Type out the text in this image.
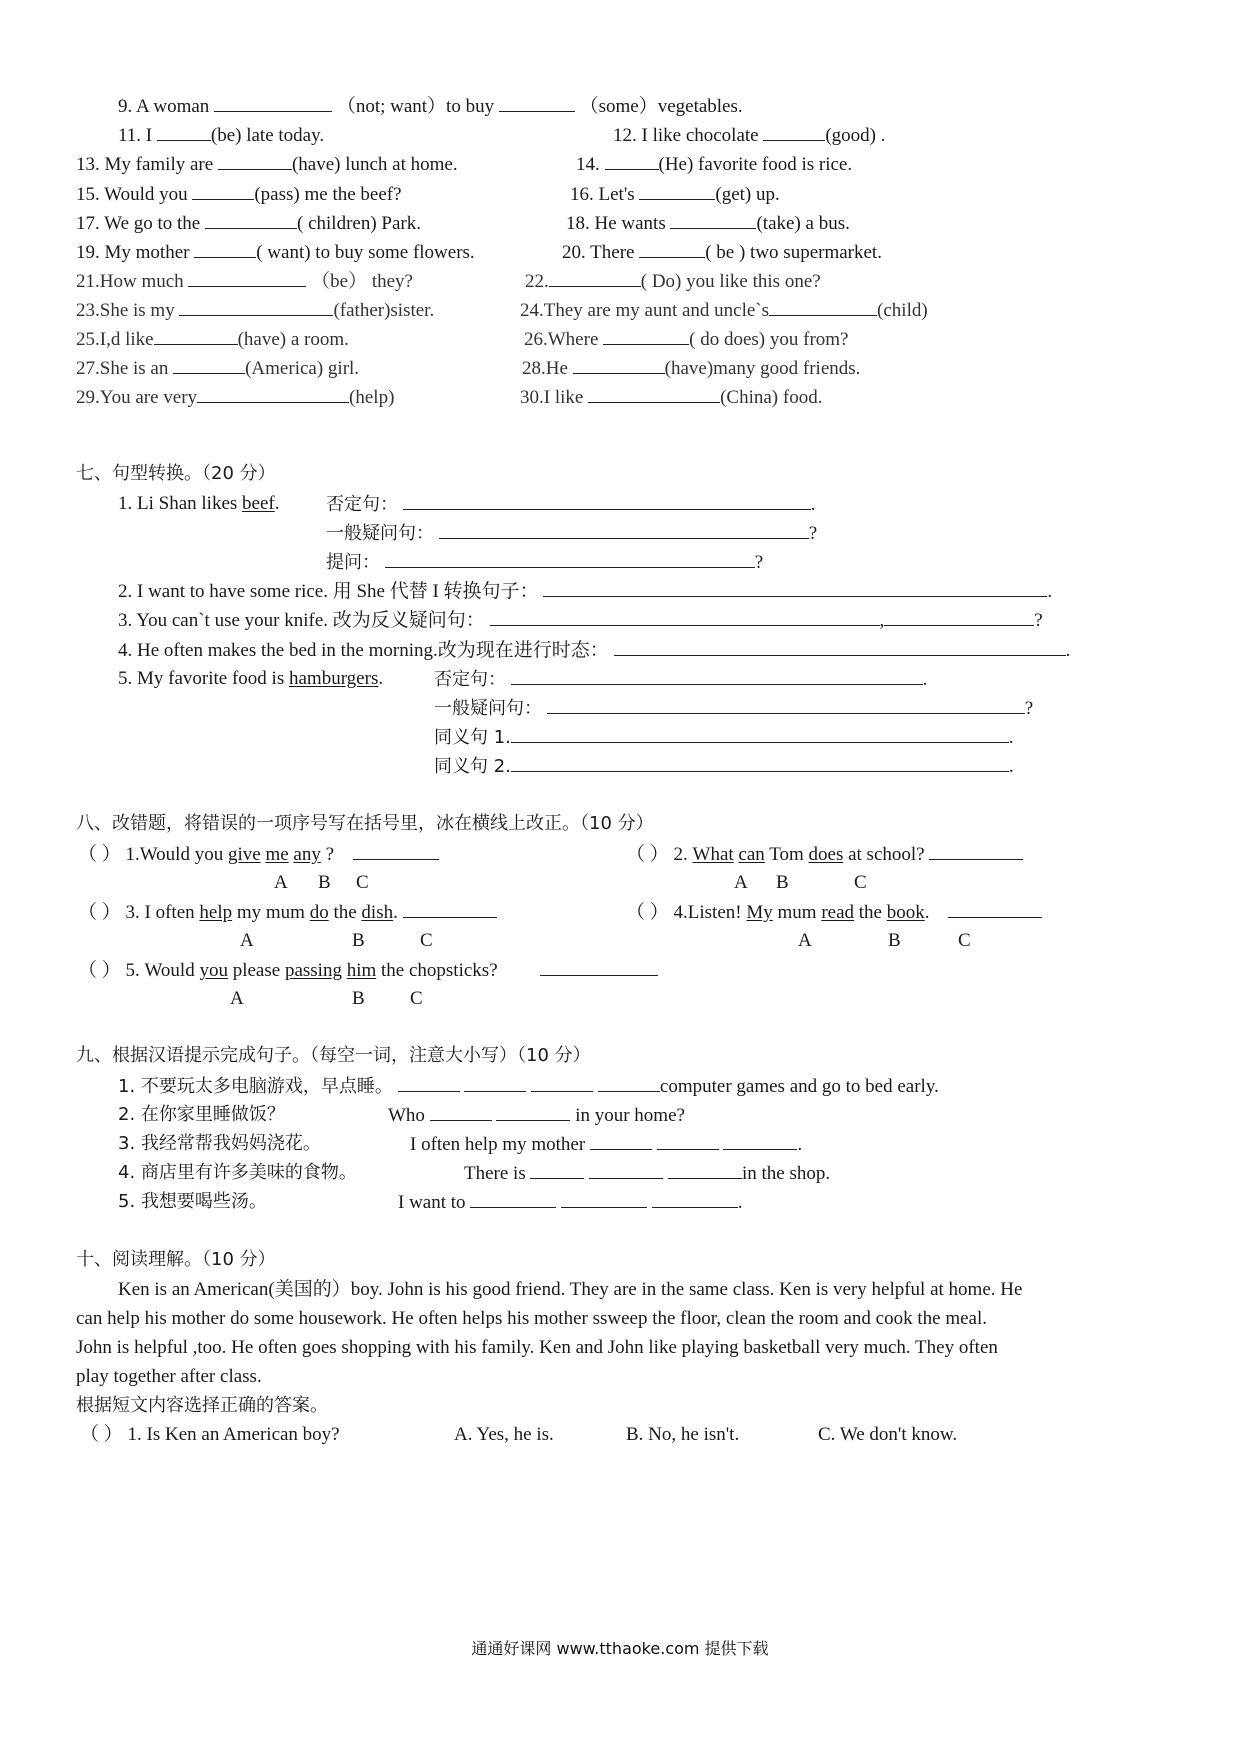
9. A woman	（not; want）to buy	（some）vegetables.
11. I	(be) late today.	12. I like chocolate	(good) .
13. My family are	(have) lunch at home.	14.	(He) favorite food is rice.
15. Would you	(pass) me the beef?	16. Let's	(get) up.
17. We go to the	( children) Park.	18. He wants	(take) a bus.
19. My mother	( want) to buy some flowers.	20. There	( be ) two supermarket.
21.How much	（be） they?	22.	( Do) you like this one?
23.She is my	(father)sister.	24.They are my aunt and uncle`s	(child)
25.I,d like	(have) a room.	26.Where	( do does) you from?
27.She is an	(America) girl.	28.He	(have)many good friends.
29.You are very	(help)	30.I like	(China) food.
七、句型转换。（20 分）
1. Li Shan likes beef.	否定句：	.
一般疑问句：	?
提问：	?
2. I want to have some rice. 用 She 代替 I 转换句子：	.
3. You can`t use your knife. 改为反义疑问句：	,	?
4. He often makes the bed in the morning.改为现在进行时态：	.
5. My favorite food is hamburgers.	否定句：	.
一般疑问句：	?
同义句 1.	.
同义句 2.	.
八、改错题，将错误的一项序号写在括号里，冰在横线上改正。（10 分）
（ ） 1.Would you give me any ?
A B C
（ ） 2. What can Tom does at school?
A B	C
（ ） 3. I often help my mum do the dish.
A	B	C
（ ） 4.Listen! My mum read the book.
A	B	C
（ ） 5. Would you please passing him the chopsticks?
A	B C
九、根据汉语提示完成句子。（每空一词，注意大小写）（10 分）
1. 不要玩太多电脑游戏，早点睡。	computer games and go to bed early.
2. 在你家里睡做饭？	Who	in your home?
3. 我经常帮我妈妈浇花。	I often help my mother	.
4. 商店里有许多美味的食物。	There is	in the shop.
5. 我想要喝些汤。	I want to	.
十、阅读理解。（10 分）
Ken is an American(美国的）boy. John is his good friend. They are in the same class. Ken is very helpful at home. He
can help his mother do some housework. He often helps his mother ssweep the floor, clean the room and cook the meal.
John is helpful ,too. He often goes shopping with his family. Ken and John like playing basketball very much. They often
play together after class.
根据短文内容选择正确的答案。
（ ） 1. Is Ken an American boy?	A. Yes, he is.	B. No, he isn't.	C. We don't know.
通通好课网 www.tthaoke.com 提供下载
